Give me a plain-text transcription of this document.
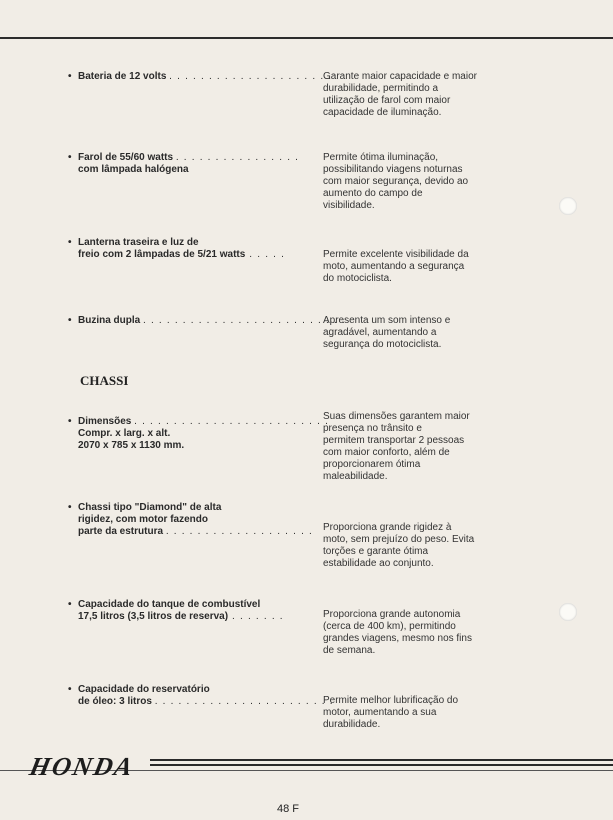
• Bateria de 12 volts . . . . . . . . . . . . . . . . . . . . .
Garante maior capacidade e maior
durabilidade, permitindo a
utilização de farol com maior
capacidade de iluminação.
• Farol de 55/60 watts . . . . . . . . . . . . . . . .
com lâmpada halógena
Permite ótima iluminação,
possibilitando viagens noturnas
com maior segurança, devido ao
aumento do campo de
visibilidade.
• Lanterna traseira e luz de
freio com 2 lâmpadas de 5/21 watts . . . . .	Permite excelente visibilidade da
moto, aumentando a segurança
do motociclista.
• Buzina dupla . . . . . . . . . . . . . . . . . . . . . . . . . .
Apresenta um som intenso e
agradável, aumentando a
segurança do motociclista.
CHASSI
• Dimensões . . . . . . . . . . . . . . . . . . . . . . . . .
Compr. x larg. x alt.
2070 x 785 x 1130 mm.
Suas dimensões garantem maior
presença no trânsito e
permitem transportar 2 pessoas
com maior conforto, além de
proporcionarem ótima
maleabilidade.
• Chassi tipo "Diamond" de alta
rigidez, com motor fazendo
parte da estrutura . . . . . . . . . . . . . . . . . . . Proporciona grande rigidez à
moto, sem prejuízo do peso. Evita
torções e garante ótima
estabilidade ao conjunto.
• Capacidade do tanque de combustível
17,5 litros (3,5 litros de reserva) . . . . . . .	Proporciona grande autonomia
(cerca de 400 km), permitindo
grandes viagens, mesmo nos fins
de semana.
• Capacidade do reservatório
de óleo: 3 litros . . . . . . . . . . . . . . . . . . . . . . .
Permite melhor lubrificação do
motor, aumentando a sua
durabilidade.
HONDA
48 F
